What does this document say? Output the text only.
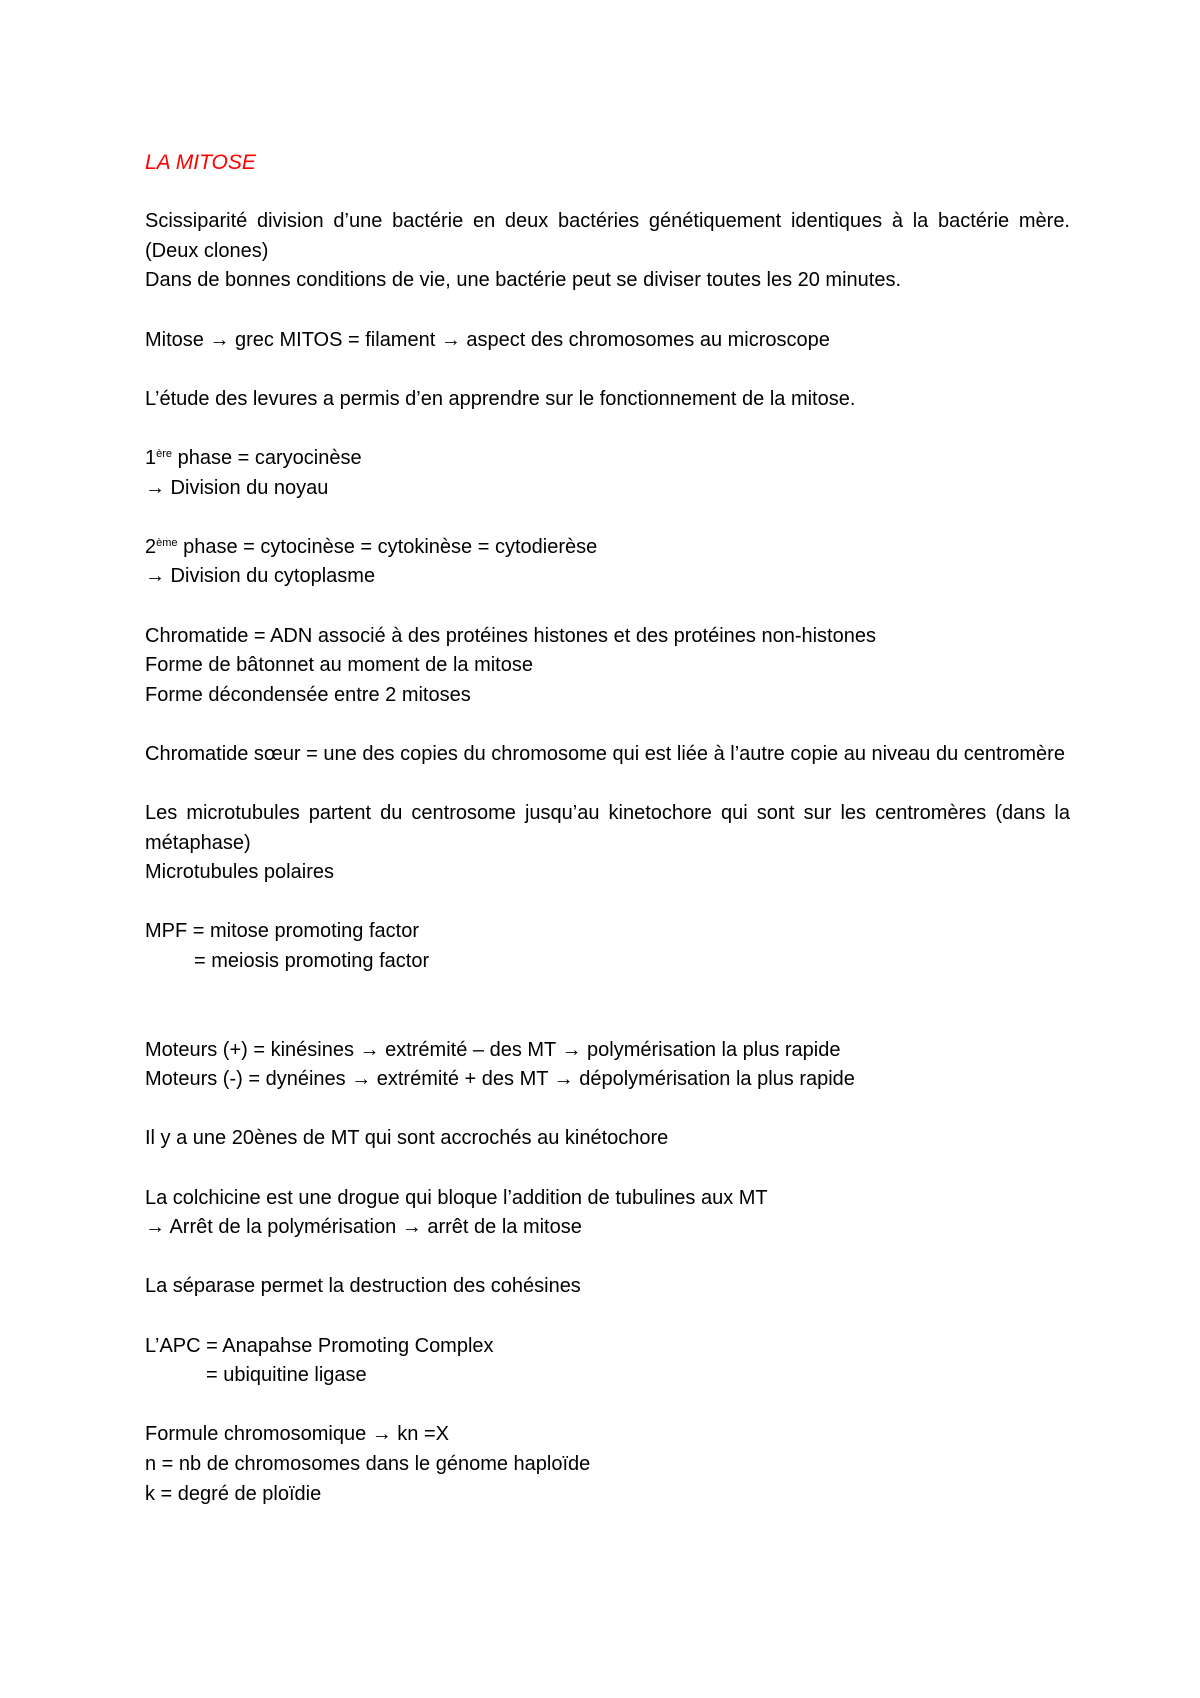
LA MITOSE
Scissiparité division d’une bactérie en deux bactéries génétiquement identiques à la bactérie mère. (Deux clones)
Dans de bonnes conditions de vie, une bactérie peut se diviser toutes les 20 minutes.
Mitose → grec MITOS = filament → aspect des chromosomes au microscope
L’étude des levures a permis d’en apprendre sur le fonctionnement de la mitose.
1ère phase = caryocinèse
→ Division du noyau
2ème phase = cytocinèse = cytokinèse = cytodierèse
→ Division du cytoplasme
Chromatide = ADN associé à des protéines histones et des protéines non-histones
Forme de bâtonnet au moment de la mitose
Forme décondensée entre 2 mitoses
Chromatide sœur = une des copies du chromosome qui est liée à l’autre copie au niveau du centromère
Les microtubules partent du centrosome jusqu’au kinetochore qui sont sur les centromères (dans la métaphase)
Microtubules polaires
MPF = mitose promoting factor
= meiosis promoting factor
Moteurs (+) = kinésines → extrémité – des MT → polymérisation la plus rapide
Moteurs (-) = dynéines → extrémité + des MT → dépolymérisation la plus rapide
Il y a une 20ènes de MT qui sont accrochés au kinétochore
La colchicine est une drogue qui bloque l’addition de tubulines aux MT
→ Arrêt de la polymérisation → arrêt de la mitose
La séparase permet la destruction des cohésines
L’APC = Anapahse Promoting Complex
= ubiquitine ligase
Formule chromosomique → kn =X
n = nb de chromosomes dans le génome haploïde
k = degré de ploïdie
